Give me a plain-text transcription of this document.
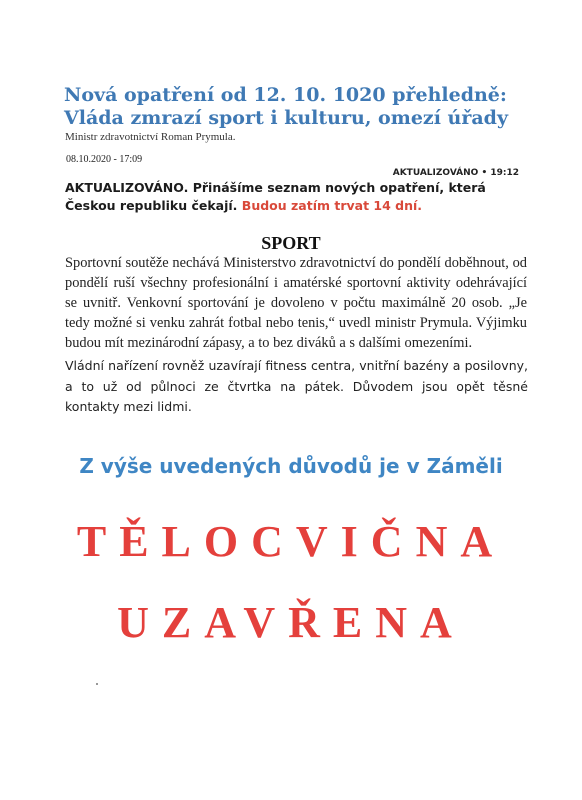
Nová opatření od 12. 10. 1020 přehledně:
Vláda zmrazí sport i kulturu, omezí úřady
Ministr zdravotnictví Roman Prymula.
08.10.2020 - 17:09
AKTUALIZOVÁNO • 19:12
AKTUALIZOVÁNO. Přinášíme seznam nových opatření, která Českou republiku čekají. Budou zatím trvat 14 dní.
SPORT
Sportovní soutěže nechává Ministerstvo zdravotnictví do pondělí doběhnout, od pondělí ruší všechny profesionální i amatérské sportovní aktivity odehrávající se uvnitř. Venkovní sportování je dovoleno v počtu maximálně 20 osob. „Je tedy možné si venku zahrát fotbal nebo tenis,“ uvedl ministr Prymula. Výjimku budou mít mezinárodní zápasy, a to bez diváků a s dalšími omezeními.
Vládní nařízení rovněž uzavírají fitness centra, vnitřní bazény a posilovny, a to už od půlnoci ze čtvrtka na pátek. Důvodem jsou opět těsné kontakty mezi lidmi.
Z výše uvedených důvodů je v Záměli
TĚLOCVIČNA
UZAVŘENA
